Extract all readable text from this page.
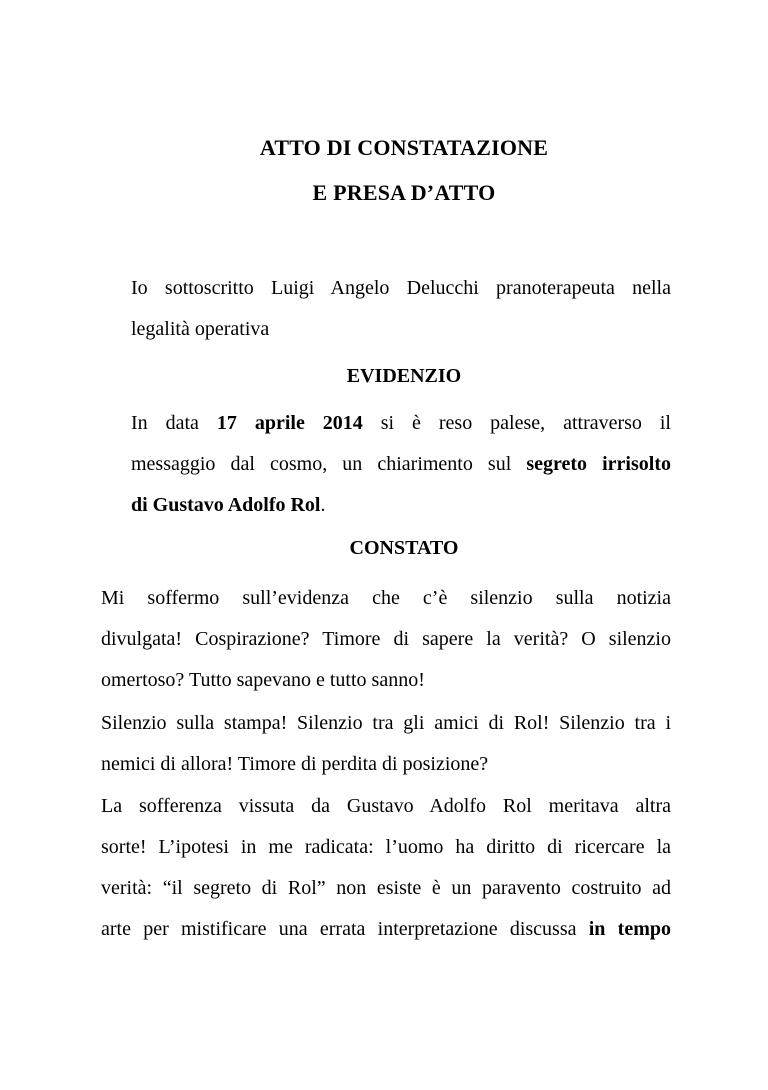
ATTO DI CONSTATAZIONE
E PRESA D’ATTO
Io sottoscritto Luigi Angelo Delucchi pranoterapeuta nella
legalità operativa
EVIDENZIO
In data 17 aprile 2014 si è reso palese, attraverso il
messaggio dal cosmo, un chiarimento sul segreto irrisolto
di Gustavo Adolfo Rol.
CONSTATO
Mi soffermo sull’evidenza che c’è silenzio sulla notizia
divulgata! Cospirazione? Timore di sapere la verità? O silenzio
omertoso? Tutto sapevano e tutto sanno!
Silenzio sulla stampa! Silenzio tra gli amici di Rol! Silenzio tra i
nemici di allora! Timore di perdita di posizione?
La sofferenza vissuta da Gustavo Adolfo Rol meritava altra
sorte! L’ipotesi in me radicata: l’uomo ha diritto di ricercare la
verità: “il segreto di Rol” non esiste è un paravento costruito ad
arte per mistificare una errata interpretazione discussa in tempo
